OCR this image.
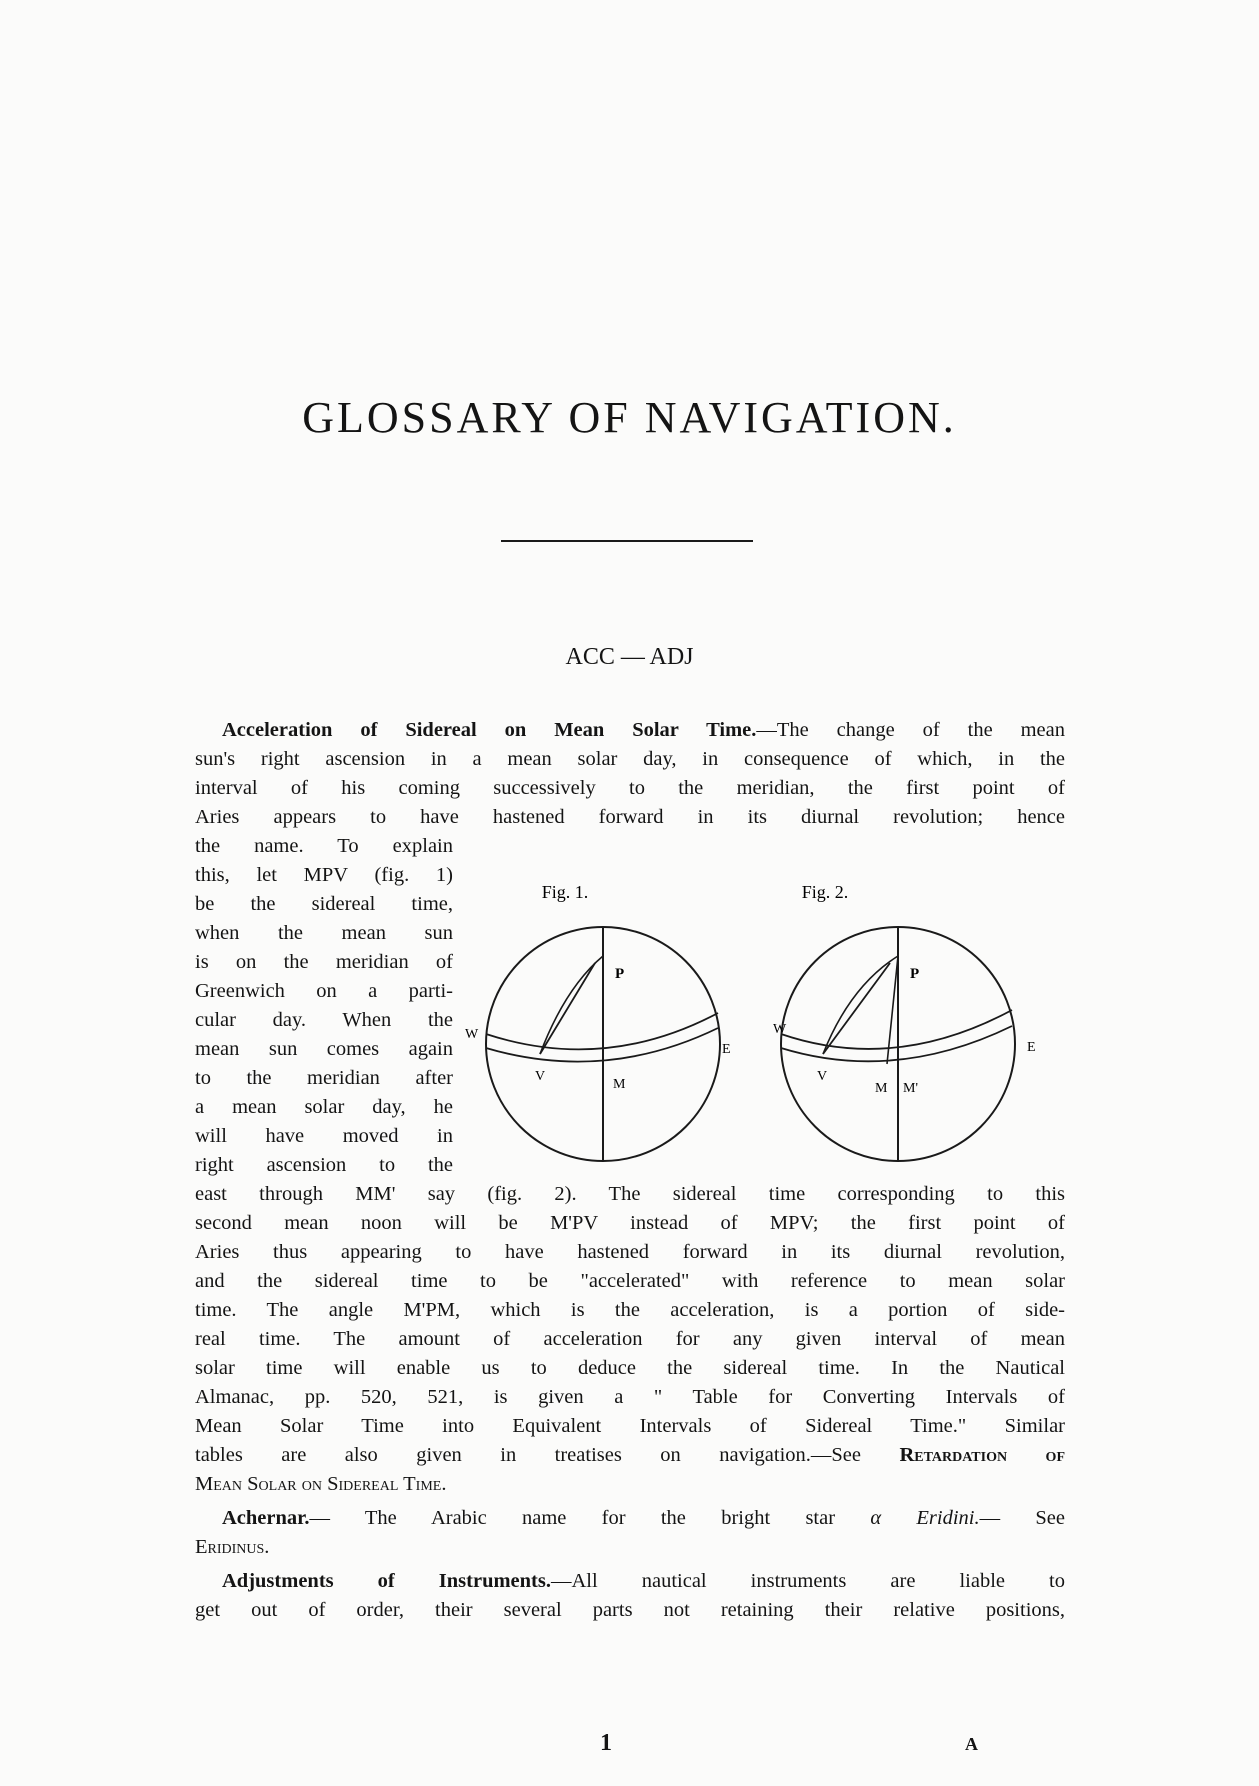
GLOSSARY OF NAVIGATION.
ACC — ADJ
Acceleration of Sidereal on Mean Solar Time.—The change of the mean
sun's right ascension in a mean solar day, in consequence of which, in the
interval of his coming successively to the meridian, the first point of
Aries appears to have hastened forward in its diurnal revolution; hence
the name. To explain
this, let MPV (fig. 1)
be the sidereal time,
when the mean sun
is on the meridian of
Greenwich on a parti-
cular day. When the
mean sun comes again
to the meridian after
a mean solar day, he
will have moved in
right ascension to the
east through MM' say (fig. 2). The sidereal time corresponding to this
second mean noon will be M'PV instead of MPV; the first point of
Aries thus appearing to have hastened forward in its diurnal revolution,
and the sidereal time to be "accelerated" with reference to mean solar
time. The angle M'PM, which is the acceleration, is a portion of side-
real time. The amount of acceleration for any given interval of mean
solar time will enable us to deduce the sidereal time. In the Nautical
Almanac, pp. 520, 521, is given a " Table for Converting Intervals of
Mean Solar Time into Equivalent Intervals of Sidereal Time." Similar
tables are also given in treatises on navigation.—See Retardation of
Mean Solar on Sidereal Time.
Achernar.— The Arabic name for the bright star α Eridini.— See
Eridinus.
Adjustments of Instruments.—All nautical instruments are liable to
get out of order, their several parts not retaining their relative positions,
Fig. 1.
P
W
E
V
M
Fig. 2.
P
W
E
V
M M'
1	A
